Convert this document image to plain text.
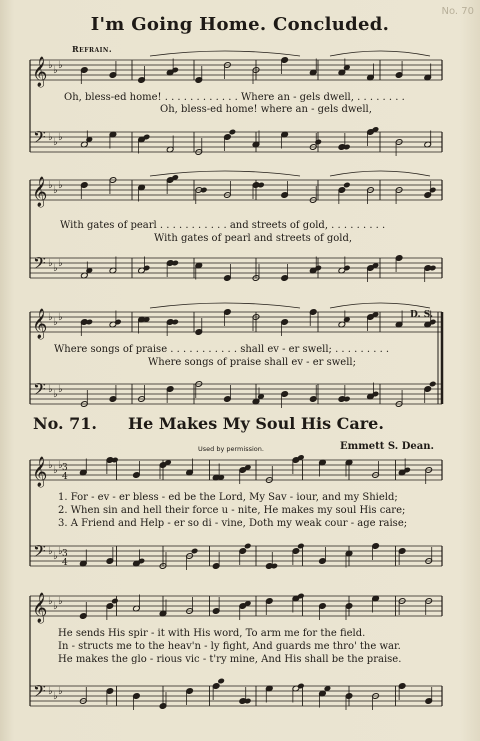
No. 70
I'm Going Home. Concluded.
Refrain.
D. S.
𝄞 ♭ ♭ ♭
𝄢 ♭ ♭ ♭
𝄞 ♭ ♭ ♭
𝄢 ♭ ♭ ♭
𝄞 ♭ ♭ ♭
𝄢 ♭ ♭ ♭
𝄞 ♭ ♭ ♭
𝄢 ♭ ♭ ♭
3
4
3
4
𝄞 ♭ ♭ ♭
𝄢 ♭ ♭ ♭
Oh, bless-ed home! . . . . . . . . . . . . Where an - gels dwell, . . . . . . . .
Oh, bless-ed home! where an - gels dwell,
With gates of pearl . . . . . . . . . . . and streets of gold, . . . . . . . . .
With gates of pearl and streets of gold,
Where songs of praise . . . . . . . . . . . shall ev - er swell; . . . . . . . . .
Where songs of praise shall ev - er swell;
No. 71. He Makes My Soul His Care.
Used by permission.	Emmett S. Dean.
1. For - ev - er bless - ed be the Lord, My Sav - iour, and my Shield;
2. When sin and hell their force u - nite, He makes my soul His care;
3. A Friend and Help - er so di - vine, Doth my weak cour - age raise;
He sends His spir - it with His word, To arm me for the field.
In - structs me to the heav'n - ly fight, And guards me thro' the war.
He makes the glo - rious vic - t'ry mine, And His shall be the praise.
